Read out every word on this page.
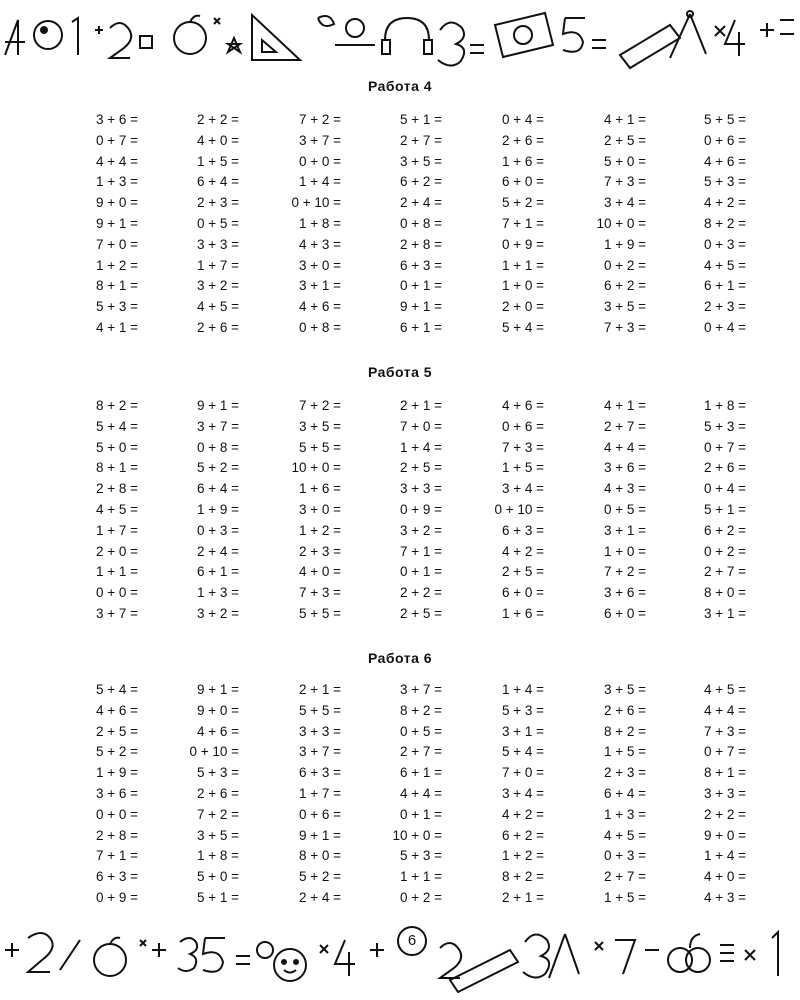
Работа 4
3 + 6 =	2 + 2 =	7 + 2 =	5 + 1 =	0 + 4 =	4 + 1 =	5 + 5 =
0 + 7 =	4 + 0 =	3 + 7 =	2 + 7 =	2 + 6 =	2 + 5 =	0 + 6 =
4 + 4 =	1 + 5 =	0 + 0 =	3 + 5 =	1 + 6 =	5 + 0 =	4 + 6 =
1 + 3 =	6 + 4 =	1 + 4 =	6 + 2 =	6 + 0 =	7 + 3 =	5 + 3 =
9 + 0 =	2 + 3 =	0 + 10 =	2 + 4 =	5 + 2 =	3 + 4 =	4 + 2 =
9 + 1 =	0 + 5 =	1 + 8 =	0 + 8 =	7 + 1 =	10 + 0 =	8 + 2 =
7 + 0 =	3 + 3 =	4 + 3 =	2 + 8 =	0 + 9 =	1 + 9 =	0 + 3 =
1 + 2 =	1 + 7 =	3 + 0 =	6 + 3 =	1 + 1 =	0 + 2 =	4 + 5 =
8 + 1 =	3 + 2 =	3 + 1 =	0 + 1 =	1 + 0 =	6 + 2 =	6 + 1 =
5 + 3 =	4 + 5 =	4 + 6 =	9 + 1 =	2 + 0 =	3 + 5 =	2 + 3 =
4 + 1 =	2 + 6 =	0 + 8 =	6 + 1 =	5 + 4 =	7 + 3 =	0 + 4 =
Работа 5
8 + 2 =	9 + 1 =	7 + 2 =	2 + 1 =	4 + 6 =	4 + 1 =	1 + 8 =
5 + 4 =	3 + 7 =	3 + 5 =	7 + 0 =	0 + 6 =	2 + 7 =	5 + 3 =
5 + 0 =	0 + 8 =	5 + 5 =	1 + 4 =	7 + 3 =	4 + 4 =	0 + 7 =
8 + 1 =	5 + 2 =	10 + 0 =	2 + 5 =	1 + 5 =	3 + 6 =	2 + 6 =
2 + 8 =	6 + 4 =	1 + 6 =	3 + 3 =	3 + 4 =	4 + 3 =	0 + 4 =
4 + 5 =	1 + 9 =	3 + 0 =	0 + 9 =	0 + 10 =	0 + 5 =	5 + 1 =
1 + 7 =	0 + 3 =	1 + 2 =	3 + 2 =	6 + 3 =	3 + 1 =	6 + 2 =
2 + 0 =	2 + 4 =	2 + 3 =	7 + 1 =	4 + 2 =	1 + 0 =	0 + 2 =
1 + 1 =	6 + 1 =	4 + 0 =	0 + 1 =	2 + 5 =	7 + 2 =	2 + 7 =
0 + 0 =	1 + 3 =	7 + 3 =	2 + 2 =	6 + 0 =	3 + 6 =	8 + 0 =
3 + 7 =	3 + 2 =	5 + 5 =	2 + 5 =	1 + 6 =	6 + 0 =	3 + 1 =
Работа 6
5 + 4 =	9 + 1 =	2 + 1 =	3 + 7 =	1 + 4 =	3 + 5 =	4 + 5 =
4 + 6 =	9 + 0 =	5 + 5 =	8 + 2 =	5 + 3 =	2 + 6 =	4 + 4 =
2 + 5 =	4 + 6 =	3 + 3 =	0 + 5 =	3 + 1 =	8 + 2 =	7 + 3 =
5 + 2 =	0 + 10 =	3 + 7 =	2 + 7 =	5 + 4 =	1 + 5 =	0 + 7 =
1 + 9 =	5 + 3 =	6 + 3 =	6 + 1 =	7 + 0 =	2 + 3 =	8 + 1 =
3 + 6 =	2 + 6 =	1 + 7 =	4 + 4 =	3 + 4 =	6 + 4 =	3 + 3 =
0 + 0 =	7 + 2 =	0 + 6 =	0 + 1 =	4 + 2 =	1 + 3 =	2 + 2 =
2 + 8 =	3 + 5 =	9 + 1 =	10 + 0 =	6 + 2 =	4 + 5 =	9 + 0 =
7 + 1 =	1 + 8 =	8 + 0 =	5 + 3 =	1 + 2 =	0 + 3 =	1 + 4 =
6 + 3 =	5 + 0 =	5 + 2 =	1 + 1 =	8 + 2 =	2 + 7 =	4 + 0 =
0 + 9 =	5 + 1 =	2 + 4 =	0 + 2 =	2 + 1 =	1 + 5 =	4 + 3 =
6
